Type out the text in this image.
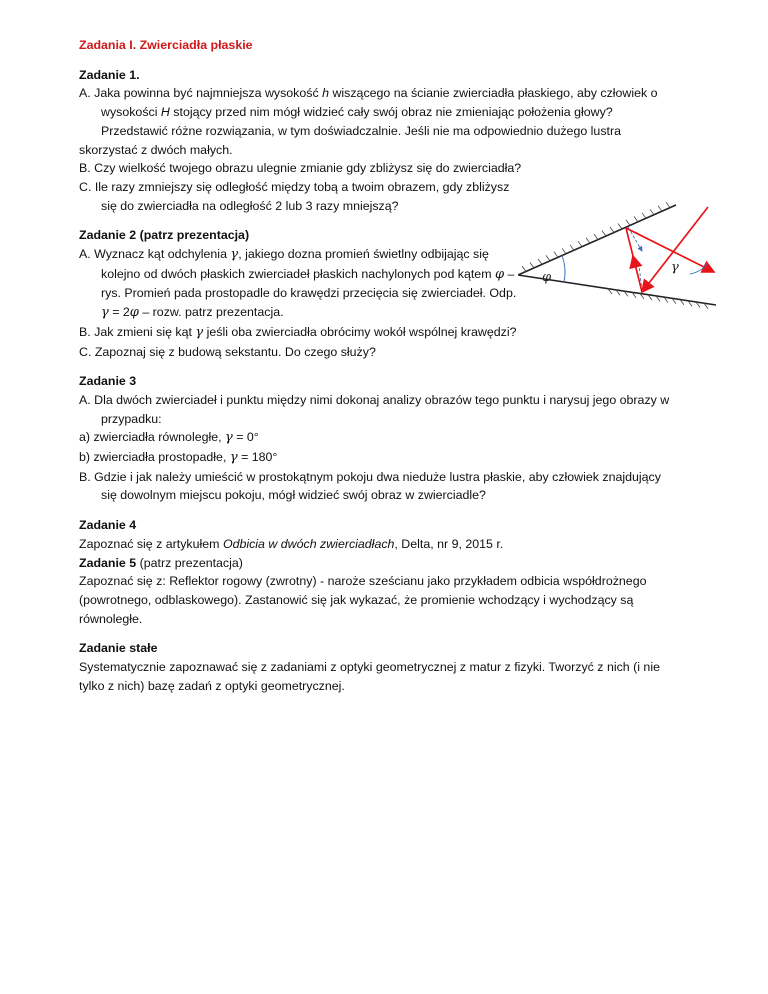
Zadania I. Zwierciadła płaskie
Zadanie 1.
A. Jaka powinna być najmniejsza wysokość h wiszącego na ścianie zwierciadła płaskiego, aby człowiek o wysokości H stojący przed nim mógł widzieć cały swój obraz nie zmieniając położenia głowy?
Przedstawić różne rozwiązania, w tym doświadczalnie. Jeśli nie ma odpowiednio dużego lustra skorzystać z dwóch małych.
B. Czy wielkość twojego obrazu ulegnie zmianie gdy zbliżysz się do zwierciadła?
C. Ile razy zmniejszy się odległość między tobą a twoim obrazem, gdy zbliżysz się do zwierciadła na odległość 2 lub 3 razy mniejszą?
Zadanie 2 (patrz prezentacja)
A. Wyznacz kąt odchylenia γ, jakiego dozna promień świetlny odbijając się kolejno od dwóch płaskich zwierciadeł płaskich nachylonych pod kątem φ – rys. Promień pada prostopadle do krawędzi przecięcia się zwierciadeł. Odp. γ = 2φ – rozw. patrz prezentacja.
B. Jak zmieni się kąt γ jeśli oba zwierciadła obrócimy wokół wspólnej krawędzi?
C. Zapoznaj się z budową sekstantu. Do czego służy?
Zadanie 3
A. Dla dwóch zwierciadeł i punktu między nimi dokonaj analizy obrazów tego punktu i narysuj jego obrazy w przypadku:
a) zwierciadła równoległe, γ = 0°
b) zwierciadła prostopadłe, γ = 180°
B. Gdzie i jak należy umieścić w prostokątnym pokoju dwa nieduże lustra płaskie, aby człowiek znajdujący się dowolnym miejscu pokoju, mógł widzieć swój obraz w zwierciadle?
Zadanie 4
Zapoznać się z artykułem Odbicia w dwóch zwierciadłach, Delta, nr 9, 2015 r.
Zadanie 5 (patrz prezentacja)
Zapoznać się z: Reflektor rogowy (zwrotny) - naroże sześcianu jako przykładem odbicia współdrożnego (powrotnego, odblaskowego). Zastanowić się jak wykazać, że promienie wchodzący i wychodzący są równoległe.
Zadanie stałe
Systematycznie zapoznawać się z zadaniami z optyki geometrycznej z matur z fizyki. Tworzyć z nich (i nie tylko z nich) bazę zadań z optyki geometrycznej.
φ
γ
